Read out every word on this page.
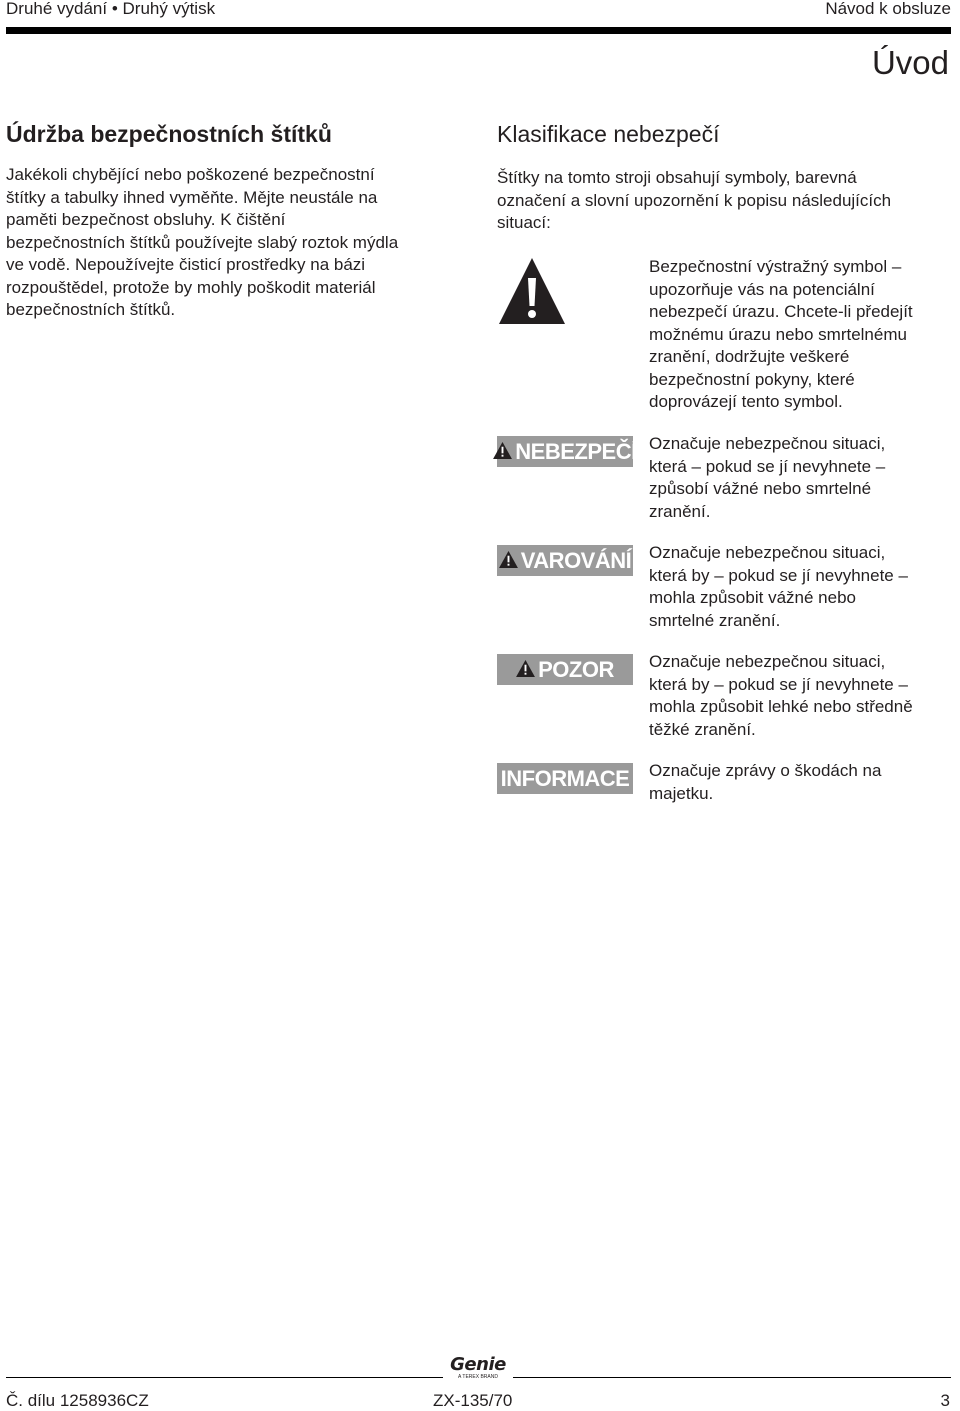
Druhé vydání • Druhý výtisk	Návod k obsluze
Úvod
Údržba bezpečnostních štítků

Jakékoli chybějící nebo poškozené bezpečnostní
štítky a tabulky ihned vyměňte. Mějte neustále na
paměti bezpečnost obsluhy. K čištění
bezpečnostních štítků používejte slabý roztok mýdla
ve vodě. Nepoužívejte čisticí prostředky na bázi
rozpouštědel, protože by mohly poškodit materiál
bezpečnostních štítků.

Klasifikace nebezpečí

Štítky na tomto stroji obsahují symboly, barevná
označení a slovní upozornění k popisu následujících
situací:

Bezpečnostní výstražný symbol –
upozorňuje vás na potenciální
nebezpečí úrazu. Chcete-li předejít
možnému úrazu nebo smrtelnému
zranění, dodržujte veškeré
bezpečnostní pokyny, které
doprovázejí tento symbol.
NEBEZPEČÍ Označuje nebezpečnou situaci,
která – pokud se jí nevyhnete –
způsobí vážné nebo smrtelné
zranění.
VAROVÁNÍ Označuje nebezpečnou situaci,
která by – pokud se jí nevyhnete –
mohla způsobit vážné nebo
smrtelné zranění.
POZOR Označuje nebezpečnou situaci,
která by – pokud se jí nevyhnete –
mohla způsobit lehké nebo středně
těžké zranění.
INFORMACE Označuje zprávy o škodách na
majetku.
Genie
A TEREX BRAND
Č. dílu 1258936CZ	ZX-135/70	3
